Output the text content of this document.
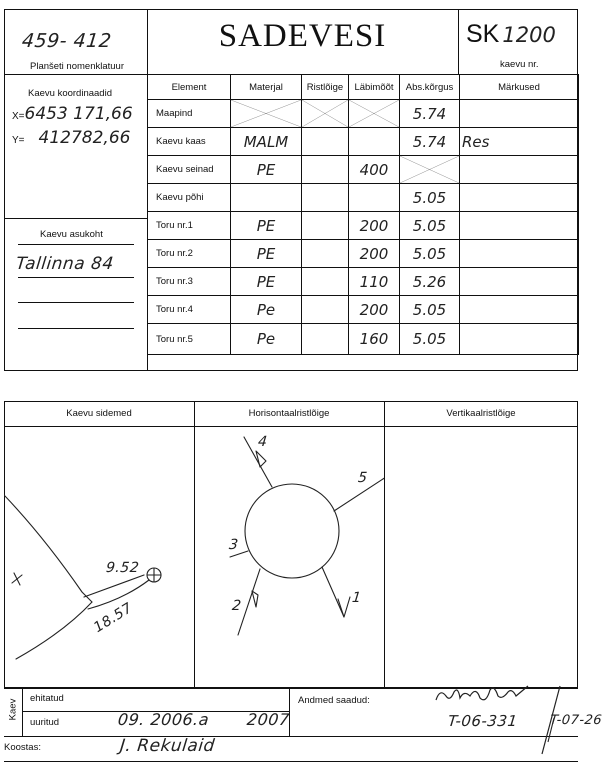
459- 412
Planšeti nomenklatuur
SADEVESI	SK 1200
kaevu nr.
Kaevu koordinaadid
X=6453 171,66
Y= 412782,66
Kaevu asukoht
Tallinna 84
Element	Materjal	Ristlõige	Läbimõõt	Abs.kõrgus	Märkused
Maapind				5.74	

Kaevu kaas	MALM			5.74	Res

Kaevu seinad	PE		400

Kaevu põhi				5.05	

Toru nr.1	PE		200	5.05	

Toru nr.2	PE		200	5.05	

Toru nr.3	PE		110	5.26	

Toru nr.4	Pe		200	5.05	

Toru nr.5	Pe		160	5.05	

Kaevu sidemed	Horisontaalristlõige	Vertikaalristlõige
9.52
18.57
1
2
3
4
5
Kaev
ehitatud
uuritud	09. 2006.a 2007
Andmed saadud:
T-06-331 T-07-26
Koostas:	J. Rekulaid
